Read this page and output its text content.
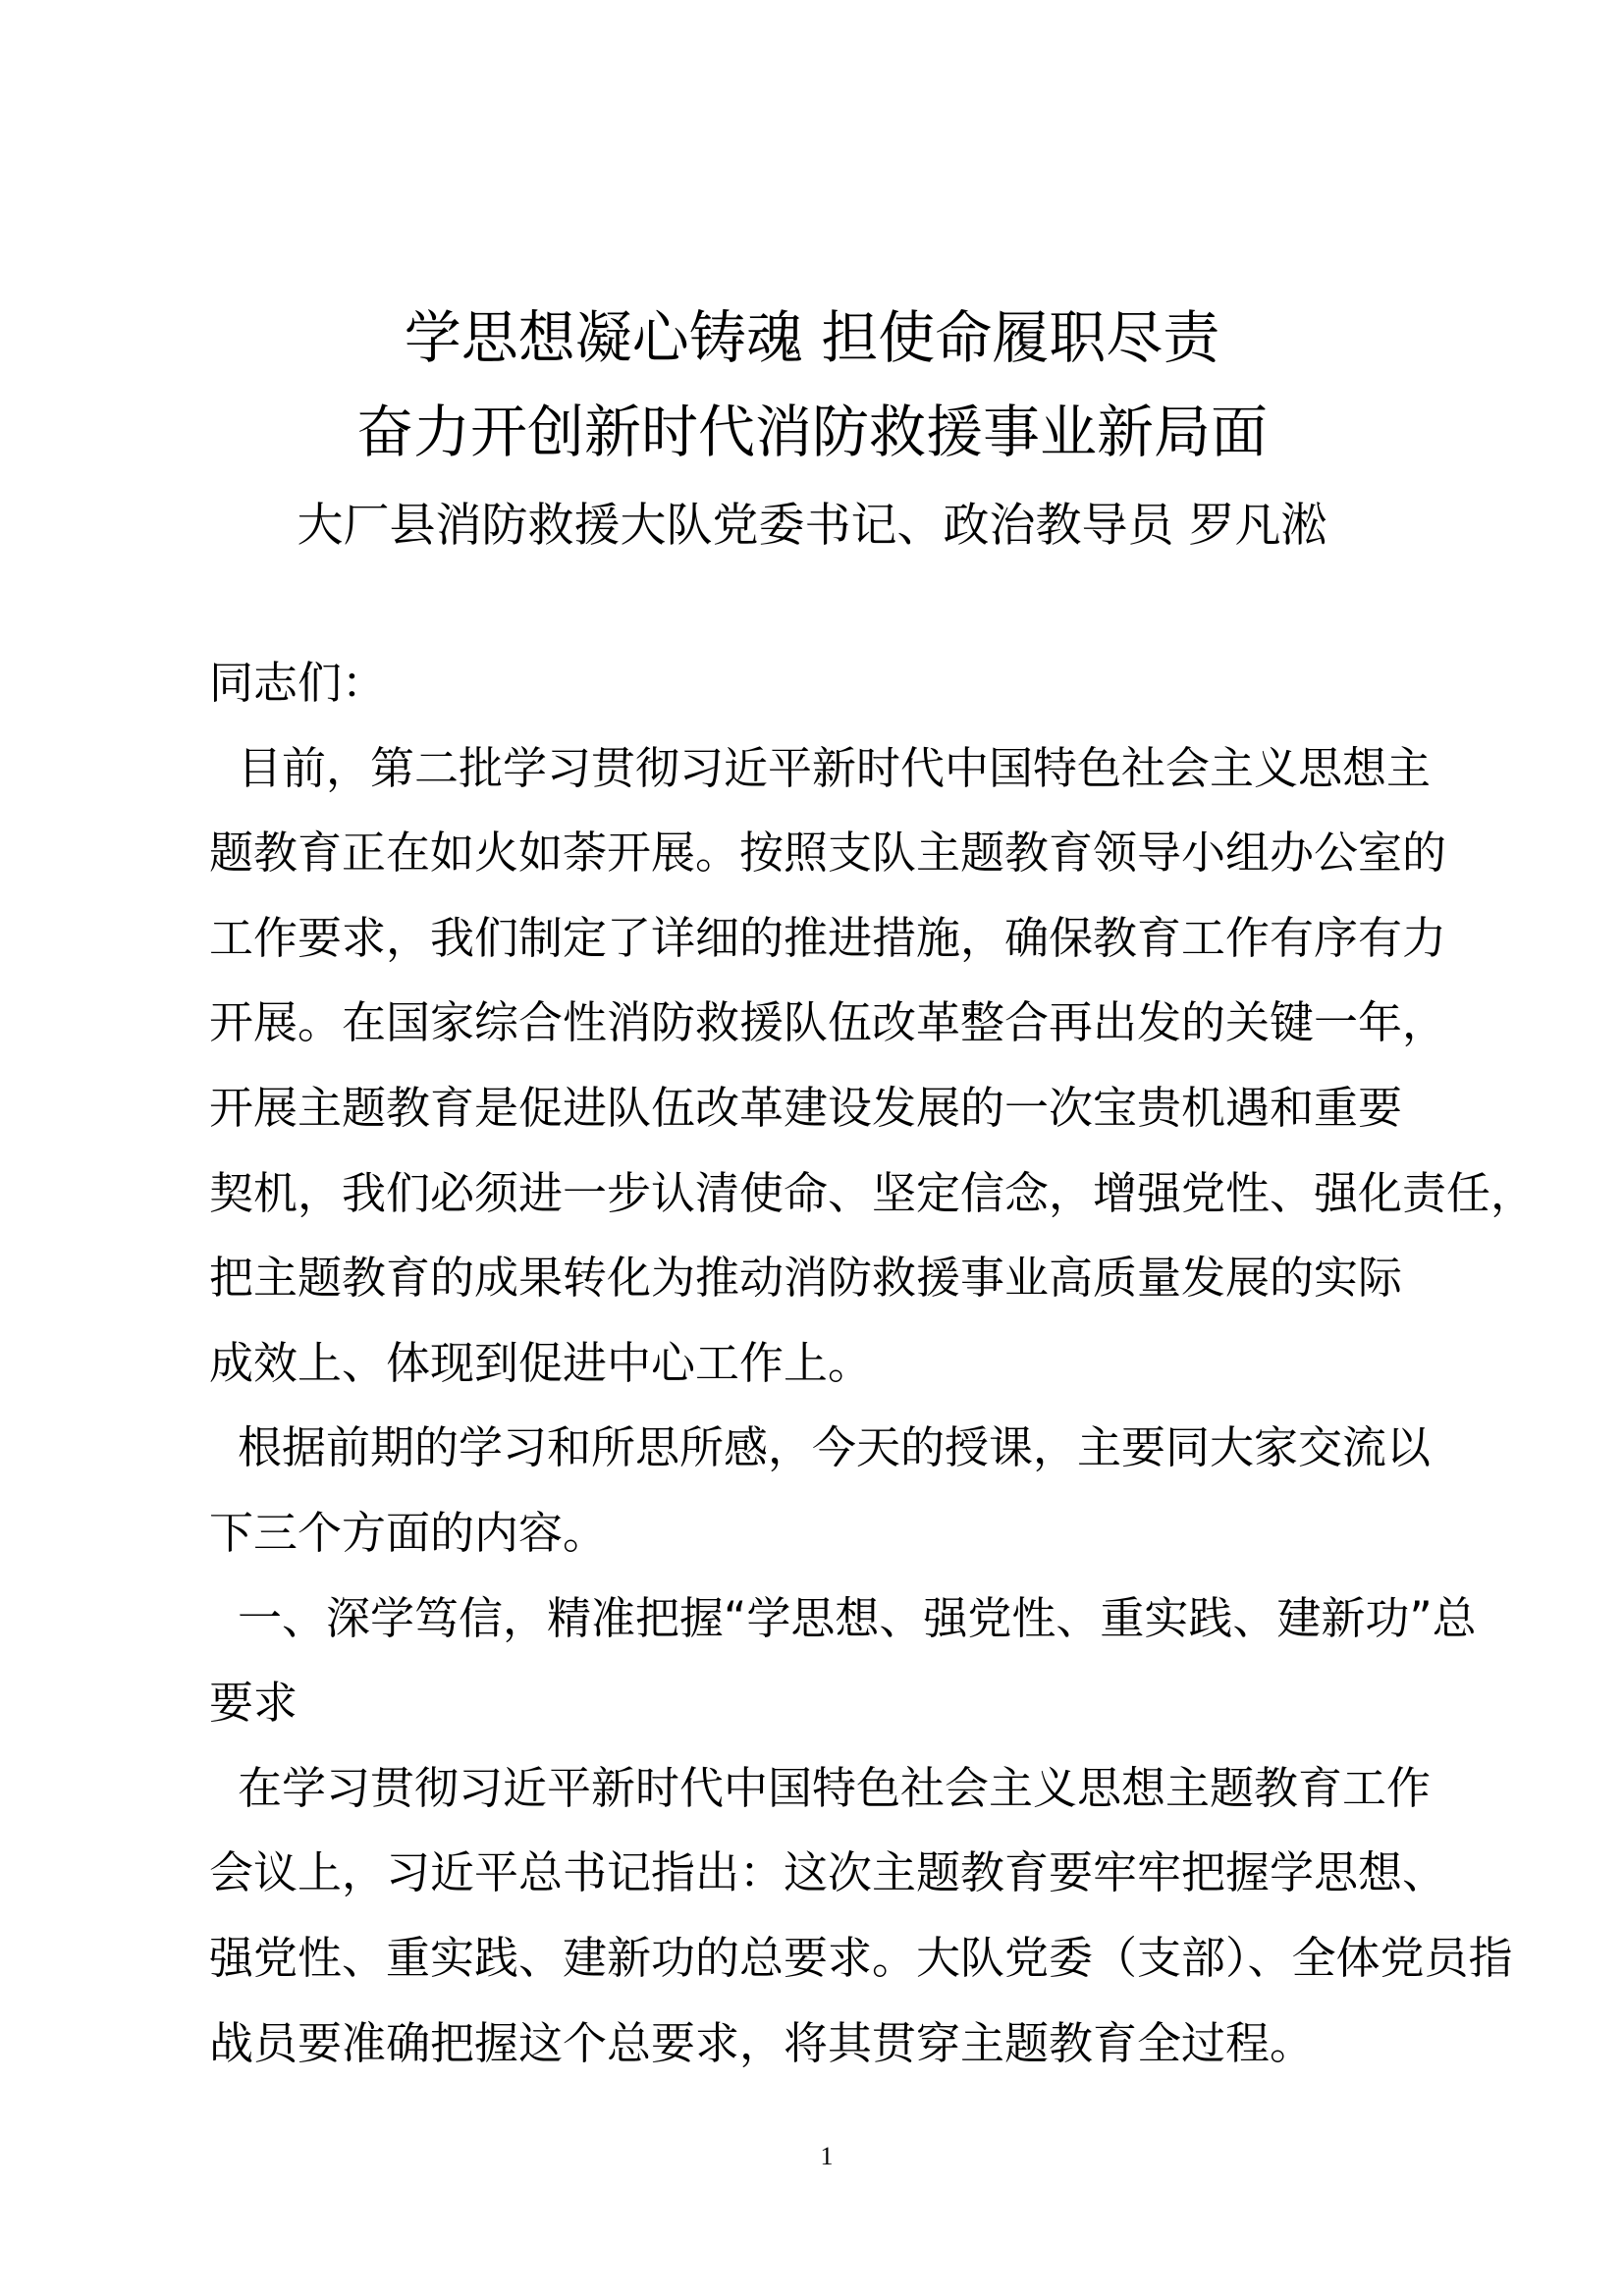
学思想凝心铸魂 担使命履职尽责
奋力开创新时代消防救援事业新局面
大厂县消防救援大队党委书记、政治教导员 罗凡淞
同志们：
目前，第二批学习贯彻习近平新时代中国特色社会主义思想主
题教育正在如火如荼开展。按照支队主题教育领导小组办公室的
工作要求，我们制定了详细的推进措施，确保教育工作有序有力
开展。在国家综合性消防救援队伍改革整合再出发的关键一年，
开展主题教育是促进队伍改革建设发展的一次宝贵机遇和重要
契机，我们必须进一步认清使命、坚定信念，增强党性、强化责任，
把主题教育的成果转化为推动消防救援事业高质量发展的实际
成效上、体现到促进中心工作上。
根据前期的学习和所思所感，今天的授课，主要同大家交流以
下三个方面的内容。
一、深学笃信，精准把握“学思想、强党性、重实践、建新功”总
要求
在学习贯彻习近平新时代中国特色社会主义思想主题教育工作
会议上，习近平总书记指出：这次主题教育要牢牢把握学思想、
强党性、重实践、建新功的总要求。大队党委（支部）、全体党员指
战员要准确把握这个总要求，将其贯穿主题教育全过程。
1
